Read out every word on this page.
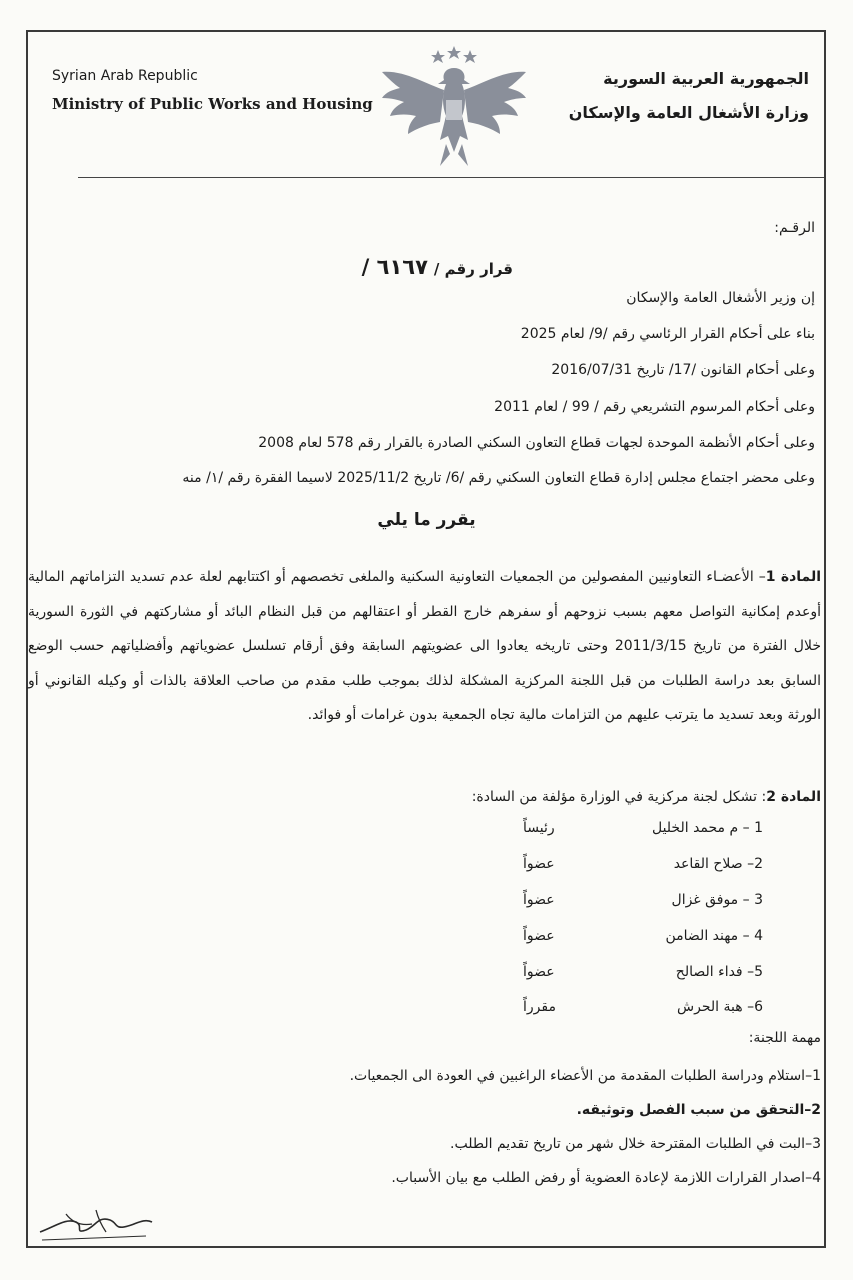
Syrian Arab Republic
Ministry of Public Works and Housing
الجمهورية العربية السورية
وزارة الأشغال العامة والإسكان
الرقـم:
قرار رقم /٦١٦٧ /
إن وزير الأشغال العامة والإسكان
بناء على أحكام القرار الرئاسي رقم /9/ لعام 2025
وعلى أحكام القانون /17/ تاريخ 2016/07/31
وعلى أحكام المرسوم التشريعي رقم / 99 / لعام 2011
وعلى أحكام الأنظمة الموحدة لجهات قطاع التعاون السكني الصادرة بالقرار رقم 578 لعام 2008
وعلى محضر اجتماع مجلس إدارة قطاع التعاون السكني رقم /6/ تاريخ 2025/11/2 لاسيما الفقرة رقم /١/ منه
يقرر ما يلي
المادة 1– الأعضـاء التعاونيين المفصولين من الجمعيات التعاونية السكنية والملغى تخصصهم أو اكتتابهم لعلة عدم تسديد التزاماتهم المالية أوعدم إمكانية التواصل معهم بسبب نزوحهم أو سفرهم خارج القطر أو اعتقالهم من قبل النظام البائد أو مشاركتهم في الثورة السورية خلال الفترة من تاريخ 2011/3/15 وحتى تاريخه يعادوا الى عضويتهم السابقة وفق أرقام تسلسل عضوياتهم وأفضلياتهم حسب الوضع السابق بعد دراسة الطلبات من قبل اللجنة المركزية المشكلة لذلك بموجب طلب مقدم من صاحب العلاقة بالذات أو وكيله القانوني أو الورثة وبعد تسديد ما يترتب عليهم من التزامات مالية تجاه الجمعية بدون غرامات أو فوائد.
المادة 2: تشكل لجنة مركزية في الوزارة مؤلفة من السادة:
1 – م محمد الخليل
رئيساً
2– صلاح القاعد
عضواً
3 – موفق غزال
عضواً
4 – مهند الضامن
عضواً
5– فداء الصالح
عضواً
6– هبة الحرش
مقرراً
مهمة اللجنة:
1–استلام ودراسة الطلبات المقدمة من الأعضاء الراغبين في العودة الى الجمعيات.
2–التحقق من سبب الفصل وتوثيقه.
3–البت في الطلبات المقترحة خلال شهر من تاريخ تقديم الطلب.
4–اصدار القرارات اللازمة لإعادة العضوية أو رفض الطلب مع بيان الأسباب.
